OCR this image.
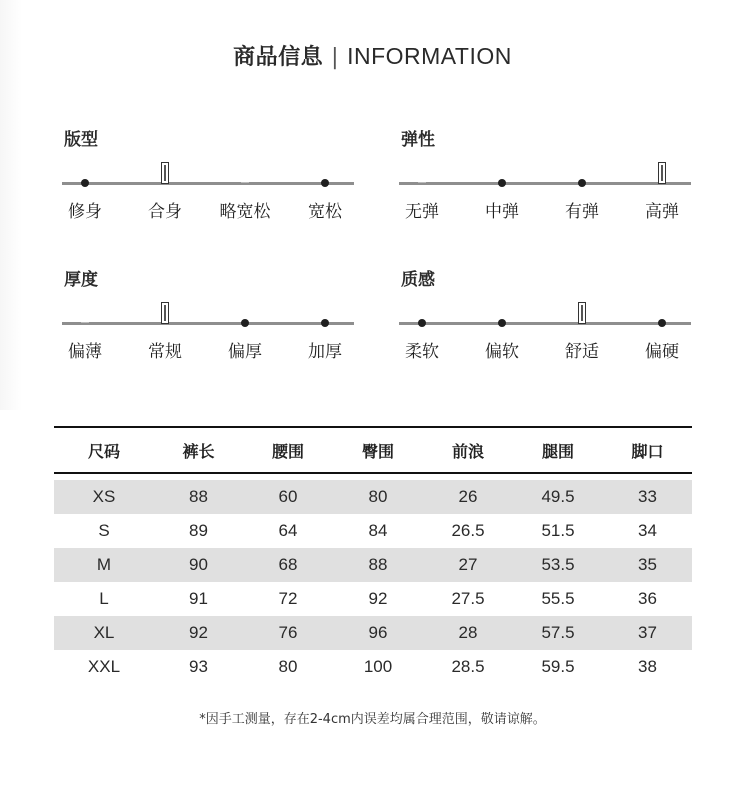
商品信息 | INFORMATION
版型
修身	合身	略宽松	宽松
弹性
无弹	中弹	有弹	高弹
厚度
偏薄	常规	偏厚	加厚
质感
柔软	偏软	舒适	偏硬
尺码	裤长	腰围	臀围	前浪	腿围	脚口

XS	88	60	80	26	49.5	33
S	89	64	84	26.5	51.5	34
M	90	68	88	27	53.5	35
L	91	72	92	27.5	55.5	36
XL	92	76	96	28	57.5	37
XXL	93	80	100	28.5	59.5	38
*因手工测量，存在2-4cm内误差均属合理范围，敬请谅解。
